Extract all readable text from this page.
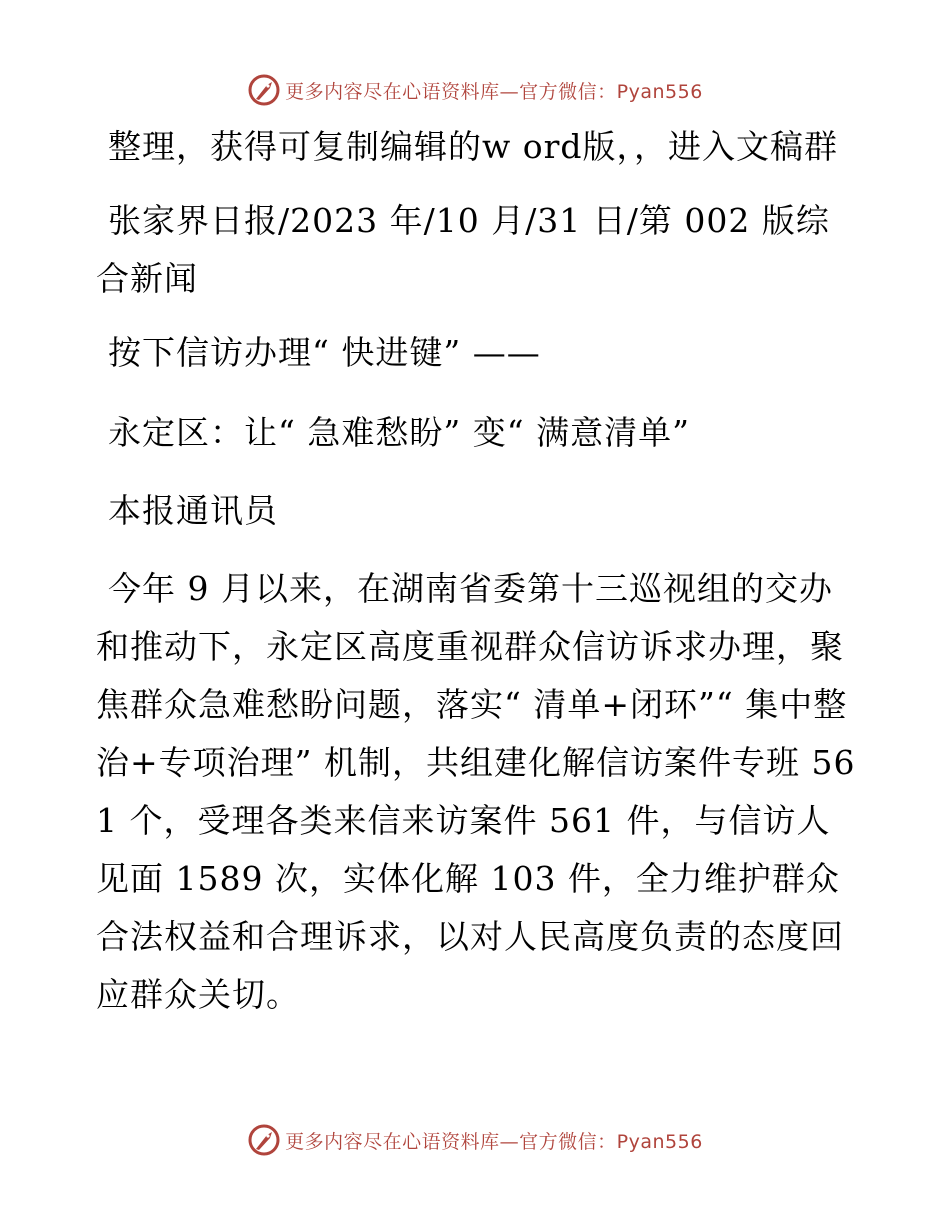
更多内容尽在心语资料库—官方微信：Pyan556

整理，获得可复制编辑的w ord版，，进入文稿群

张家界日报/2023 年/10 月/31 日/第 002 版综合新闻

按下信访办理“ 快进键” ——

永定区：让“ 急难愁盼” 变“ 满意清单”

本报通讯员

今年 9 月以来，在湖南省委第十三巡视组的交办和推动下，永定区高度重视群众信访诉求办理，聚焦群众急难愁盼问题，落实“ 清单+闭环”“ 集中整治+专项治理” 机制，共组建化解信访案件专班 561 个，受理各类来信来访案件 561 件，与信访人见面 1589 次，实体化解 103 件，全力维护群众合法权益和合理诉求，以对人民高度负责的态度回应群众关切。

更多内容尽在心语资料库—官方微信：Pyan556
